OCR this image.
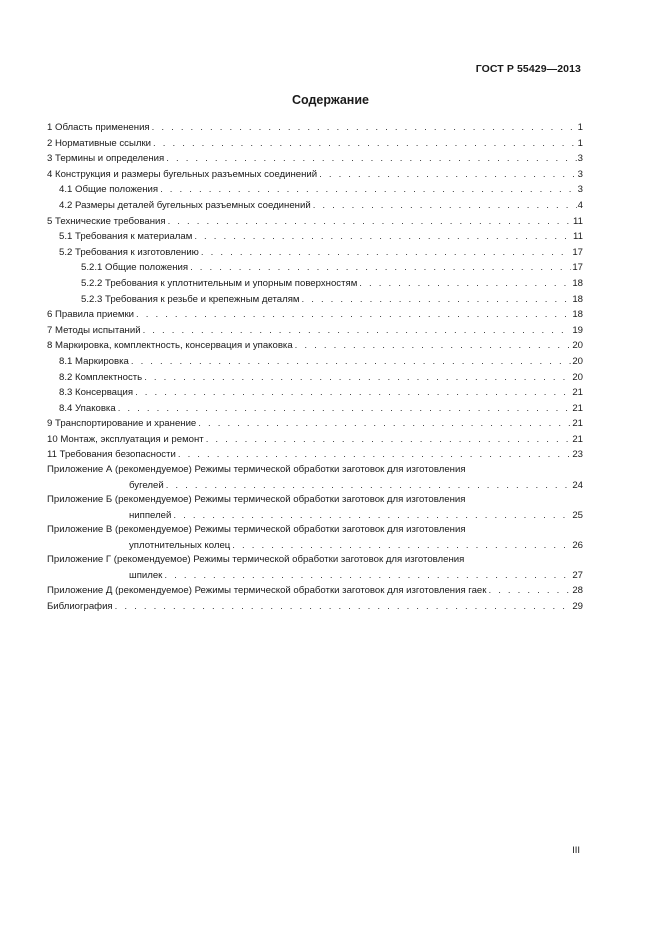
ГОСТ Р 55429—2013
Содержание
1 Область применения . . .	1
2 Нормативные ссылки . . .	1
3 Термины и определения . . .	3
4 Конструкция и размеры бугельных разъемных соединений . . .	3
4.1 Общие положения . . .	3
4.2 Размеры деталей бугельных разъемных соединений . . .	4
5 Технические требования . . .	11
5.1 Требования к материалам . . .	11
5.2 Требования к изготовлению . . .	17
5.2.1 Общие положения . . .	17
5.2.2 Требования к уплотнительным и упорным поверхностям . . .	18
5.2.3 Требования к резьбе и крепежным деталям . . .	18
6 Правила приемки . . .	18
7 Методы испытаний . . .	19
8 Маркировка, комплектность, консервация и упаковка . . .	20
8.1 Маркировка . . .	20
8.2 Комплектность . . .	20
8.3 Консервация . . .	21
8.4 Упаковка . . .	21
9 Транспортирование и хранение . . .	21
10 Монтаж, эксплуатация и ремонт . . .	21
11 Требования безопасности . . .	23
Приложение А (рекомендуемое) Режимы термической обработки заготовок для изготовления
бугелей . . .	24
Приложение Б (рекомендуемое) Режимы термической обработки заготовок для изготовления
ниппелей . . .	25
Приложение В (рекомендуемое) Режимы термической обработки заготовок для изготовления
уплотнительных колец . . .	26
Приложение Г (рекомендуемое) Режимы термической обработки заготовок для изготовления
шпилек . . .	27
Приложение Д (рекомендуемое) Режимы термической обработки заготовок для изготовления гаек . . .	28
Библиография . . .	29
III
